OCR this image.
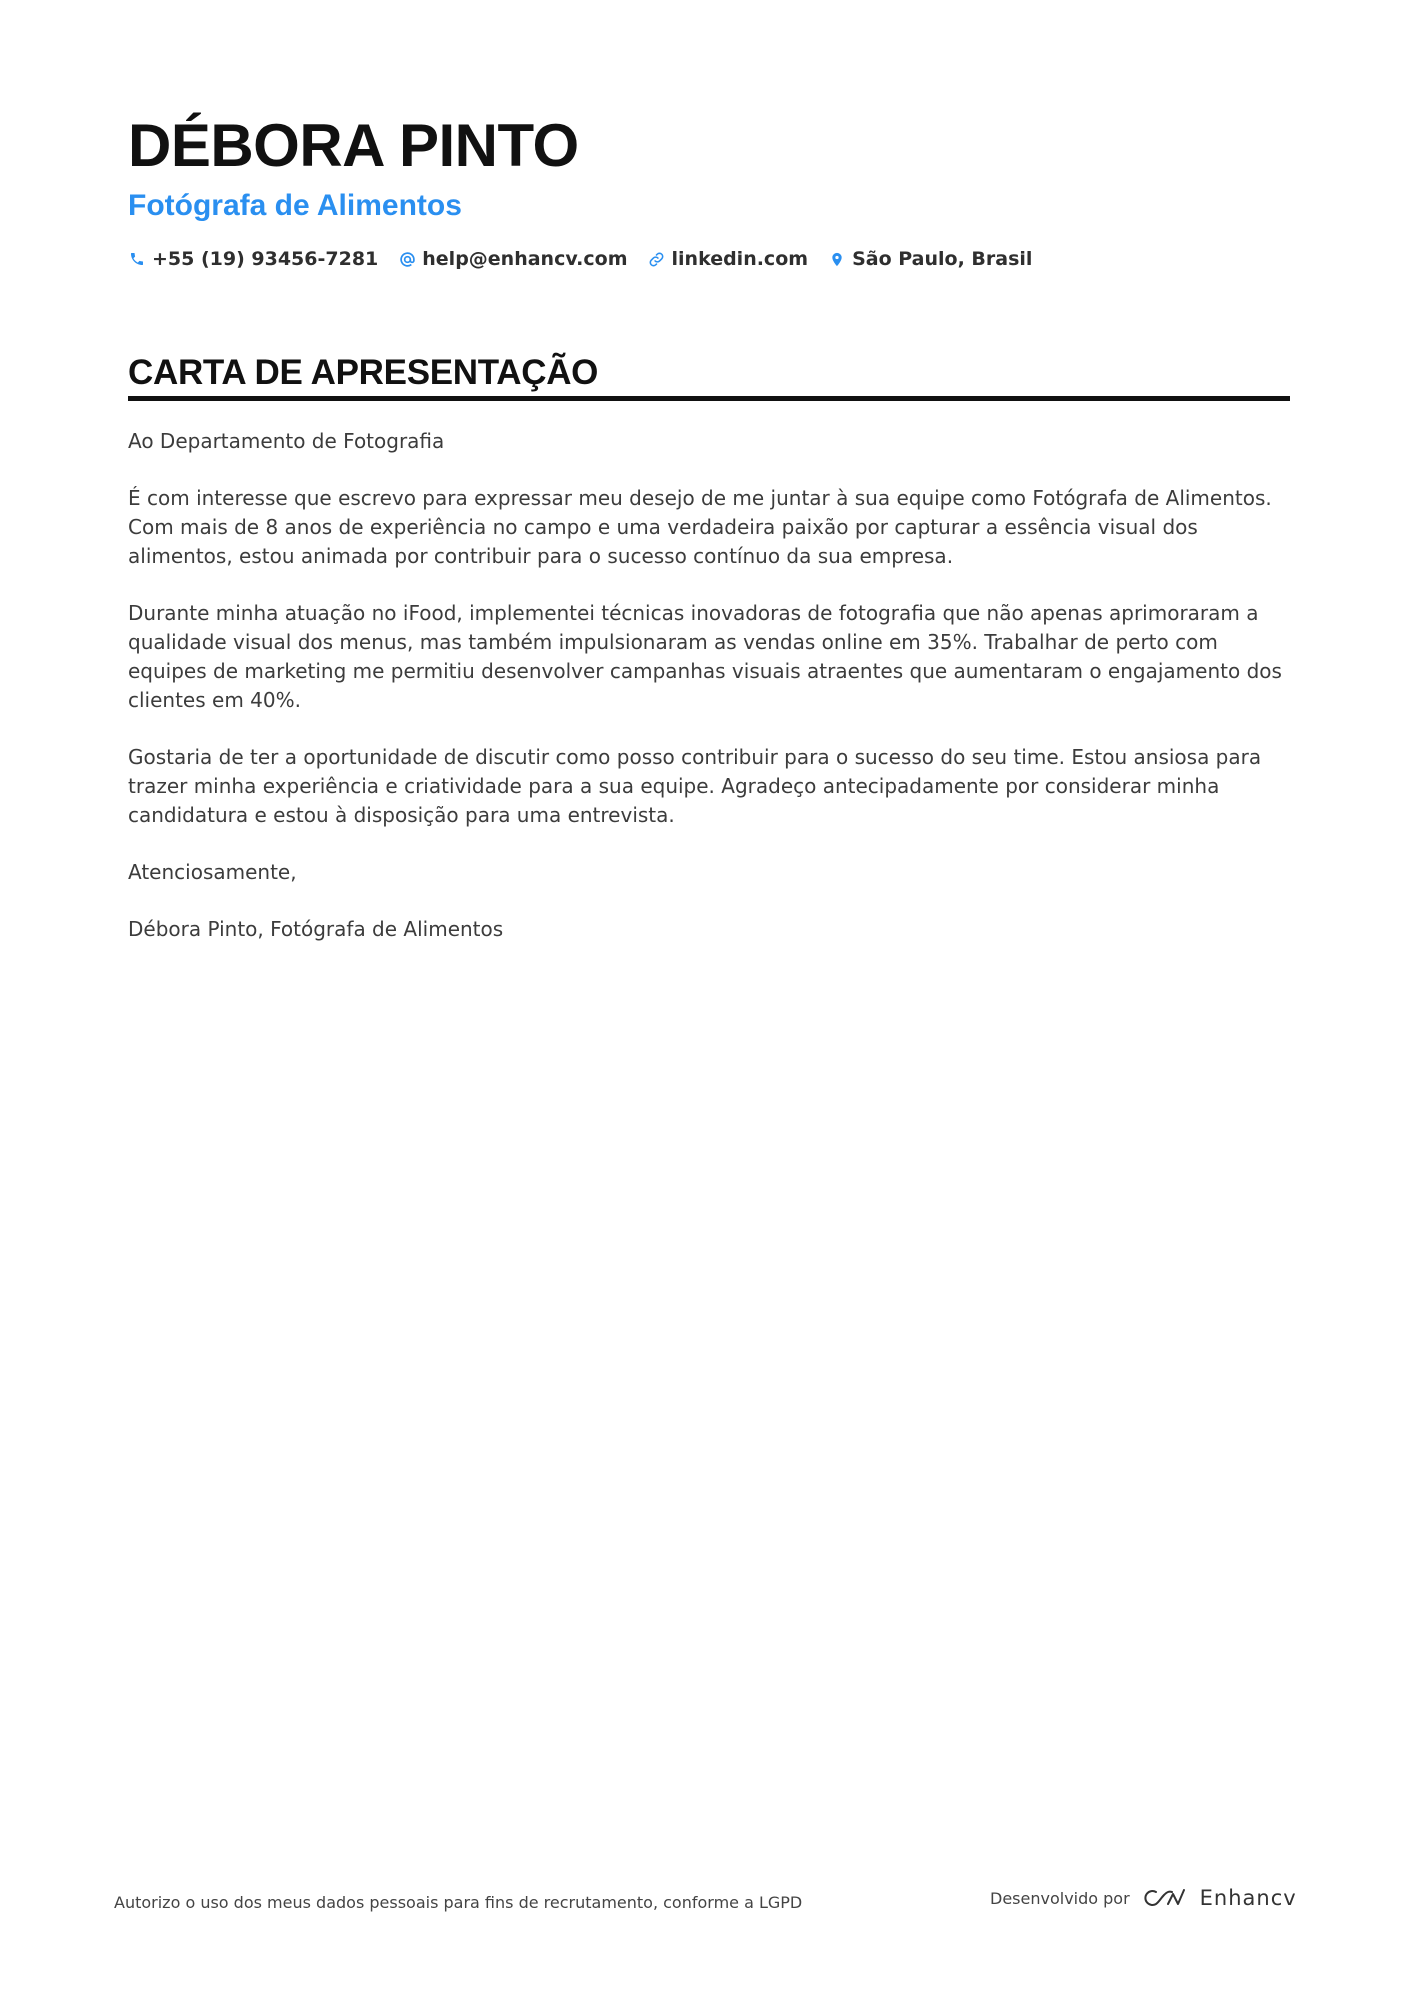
DÉBORA PINTO
Fotógrafa de Alimentos
+55 (19) 93456-7281 help@enhancv.com linkedin.com São Paulo, Brasil
CARTA DE APRESENTAÇÃO

Ao Departamento de Fotografia

É com interesse que escrevo para expressar meu desejo de me juntar à sua equipe como Fotógrafa de Alimentos. Com mais de 8 anos de experiência no campo e uma verdadeira paixão por capturar a essência visual dos alimentos, estou animada por contribuir para o sucesso contínuo da sua empresa.

Durante minha atuação no iFood, implementei técnicas inovadoras de fotografia que não apenas aprimoraram a qualidade visual dos menus, mas também impulsionaram as vendas online em 35%. Trabalhar de perto com equipes de marketing me permitiu desenvolver campanhas visuais atraentes que aumentaram o engajamento dos clientes em 40%.

Gostaria de ter a oportunidade de discutir como posso contribuir para o sucesso do seu time. Estou ansiosa para trazer minha experiência e criatividade para a sua equipe. Agradeço antecipadamente por considerar minha candidatura e estou à disposição para uma entrevista.

Atenciosamente,

Débora Pinto, Fotógrafa de Alimentos

Autorizo o uso dos meus dados pessoais para fins de recrutamento, conforme a LGPD	Desenvolvido por	Enhancv
